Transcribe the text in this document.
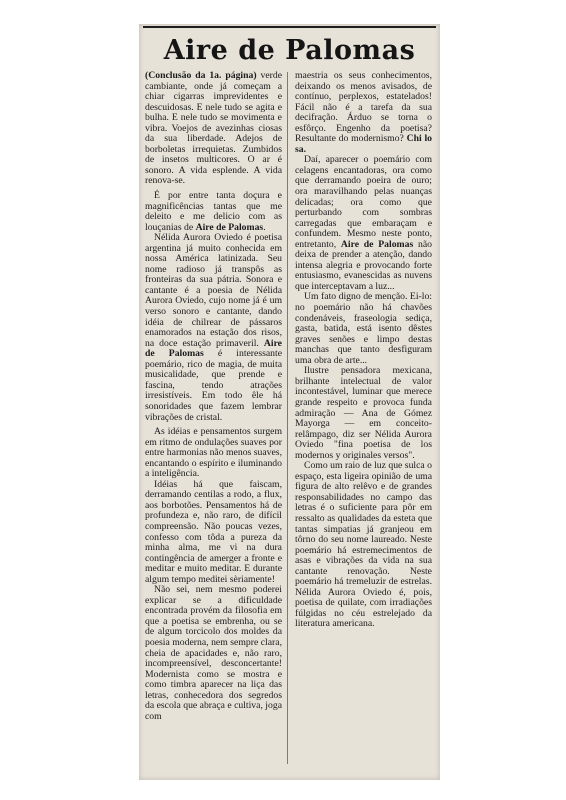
Aire de Palomas

(Conclusão da 1a. página) verde cambiante, onde já começam a chiar cigarras imprevidentes e descuidosas. E nele tudo se agita e bulha. E nele tudo se movimenta e vibra. Voejos de avezinhas ciosas da sua liberdade. Adejos de borboletas irrequietas. Zumbidos de insetos multicores. O ar é sonoro. A vida esplende. A vida renova-se.

É por entre tanta doçura e magnificências tantas que me deleito e me delicio com as louçanias de Aire de Palomas.

Nélida Aurora Oviedo é poetisa argentina já muito conhecida em nossa América latinizada. Seu nome radioso já transpôs as fronteiras da sua pátria. Sonora e cantante é a poesia de Nélida Aurora Oviedo, cujo nome já é um verso sonoro e cantante, dando idéia de chilrear de pássaros enamorados na estação dos risos, na doce estação primaveril. Aire de Palomas é interessante poemário, rico de magia, de muita musicalidade, que prende e fascina, tendo atrações irresistíveis. Em todo êle há sonoridades que fazem lembrar vibrações de cristal.

As idéias e pensamentos surgem em ritmo de ondulações suaves por entre harmonias não menos suaves, encantando o espírito e iluminando a inteligência.

Idéias há que faiscam, derramando centilas a rodo, a flux, aos borbotões. Pensamentos há de profundeza e, não raro, de difícil compreensão. Não poucas vezes, confesso com tôda a pureza da minha alma, me vi na dura contingência de amerger a fronte e meditar e muito meditar. E durante algum tempo meditei sèriamente!

Não sei, nem mesmo poderei explicar se a dificuldade encontrada provém da filosofia em que a poetisa se embrenha, ou se de algum torcicolo dos moldes da poesia moderna, nem sempre clara, cheia de apacidades e, não raro, incompreensível, desconcertante! Modernista como se mostra e como timbra aparecer na liça das letras, conhecedora dos segredos da escola que abraça e cultiva, joga com

maestria os seus conhecimentos, deixando os menos avisados, de contínuo, perplexos, estatelados! Fácil não é a tarefa da sua decifração. Árduo se torna o esfôrço. Engenho da poetisa? Resultante do modernismo? Chi lo sa.

Daí, aparecer o poemário com celagens encantadoras, ora como que derramando poeira de ouro; ora maravilhando pelas nuanças delicadas; ora como que perturbando com sombras carregadas que embaraçam e confundem. Mesmo neste ponto, entretanto, Aire de Palomas não deixa de prender a atenção, dando intensa alegria e provocando forte entusiasmo, evanescidas as nuvens que interceptavam a luz...

Um fato digno de menção. Ei-lo: no poemário não há chavões condenáveis, fraseologia sediça, gasta, batida, está isento dêstes graves senões e limpo destas manchas que tanto desfiguram uma obra de arte...

Ilustre pensadora mexicana, brilhante intelectual de valor incontestável, luminar que merece grande respeito e provoca funda admiração — Ana de Gómez Mayorga — em conceito-relâmpago, diz ser Nélida Aurora Oviedo "fina poetisa de los modernos y originales versos".

Como um raio de luz que sulca o espaço, esta ligeira opinião de uma figura de alto relêvo e de grandes responsabilidades no campo das letras é o suficiente para pôr em ressalto as qualidades da esteta que tantas simpatias já granjeou em tôrno do seu nome laureado. Neste poemário há estremecimentos de asas e vibrações da vida na sua cantante renovação. Neste poemário há tremeluzir de estrelas. Nélida Aurora Oviedo é, pois, poetisa de quilate, com irradiações fúlgidas no céu estrelejado da literatura americana.
